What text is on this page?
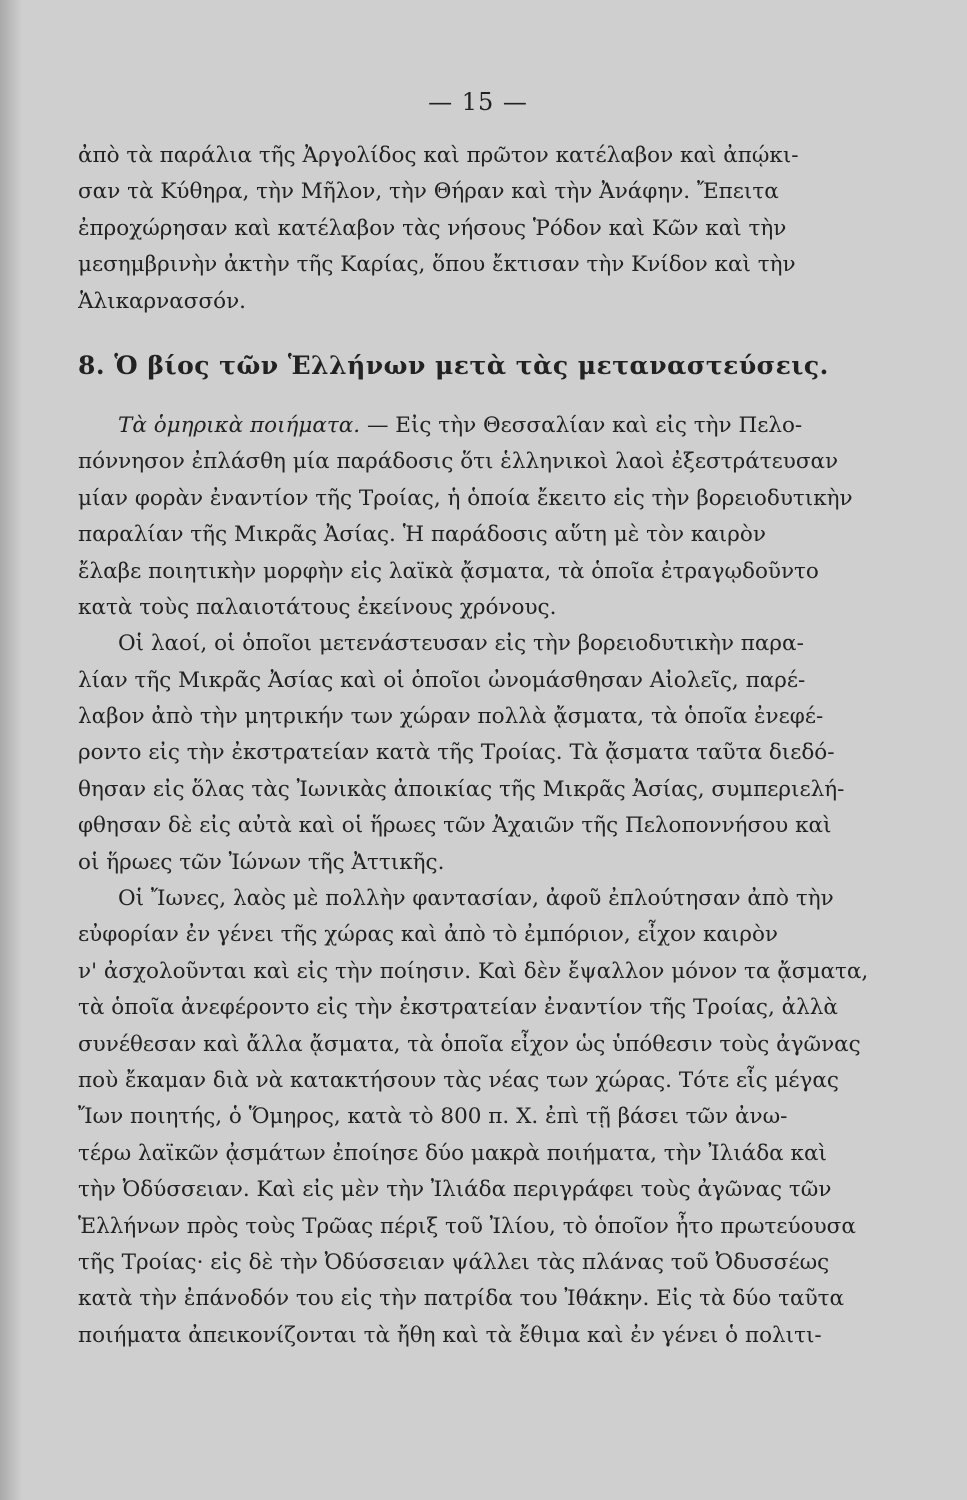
— 15 —
ἀπὸ τὰ παράλια τῆς Ἀργολίδος καὶ πρῶτον κατέλαβον καὶ ἀπῴκι-
σαν τὰ Κύθηρα, τὴν Μῆλον, τὴν Θήραν καὶ τὴν Ἀνάφην. Ἔπειτα
ἐπροχώρησαν καὶ κατέλαβον τὰς νήσους Ῥόδον καὶ Κῶν καὶ τὴν
μεσημβρινὴν ἀκτὴν τῆς Καρίας, ὅπου ἔκτισαν τὴν Κνίδον καὶ τὴν
Ἁλικαρνασσόν.
8. Ὁ βίος τῶν Ἑλλήνων μετὰ τὰς μεταναστεύσεις.
Τὰ ὁμηρικὰ ποιήματα. — Εἰς τὴν Θεσσαλίαν καὶ εἰς τὴν Πελο-
πόννησον ἐπλάσθη μία παράδοσις ὅτι ἑλληνικοὶ λαοὶ ἐξεστράτευσαν
μίαν φορὰν ἐναντίον τῆς Τροίας, ἡ ὁποία ἔκειτο εἰς τὴν βορειοδυτικὴν
παραλίαν τῆς Μικρᾶς Ἀσίας. Ἡ παράδοσις αὕτη μὲ τὸν καιρὸν
ἔλαβε ποιητικὴν μορφὴν εἰς λαϊκὰ ᾄσματα, τὰ ὁποῖα ἐτραγῳδοῦντο
κατὰ τοὺς παλαιοτάτους ἐκείνους χρόνους.
Οἱ λαοί, οἱ ὁποῖοι μετενάστευσαν εἰς τὴν βορειοδυτικὴν παρα-
λίαν τῆς Μικρᾶς Ἀσίας καὶ οἱ ὁποῖοι ὠνομάσθησαν Αἰολεῖς, παρέ-
λαβον ἀπὸ τὴν μητρικήν των χώραν πολλὰ ᾄσματα, τὰ ὁποῖα ἐνεφέ-
ροντο εἰς τὴν ἐκστρατείαν κατὰ τῆς Τροίας. Τὰ ᾄσματα ταῦτα διεδό-
θησαν εἰς ὅλας τὰς Ἰωνικὰς ἀποικίας τῆς Μικρᾶς Ἀσίας, συμπεριελή-
φθησαν δὲ εἰς αὐτὰ καὶ οἱ ἥρωες τῶν Ἀχαιῶν τῆς Πελοποννήσου καὶ
οἱ ἥρωες τῶν Ἰώνων τῆς Ἀττικῆς.
Οἱ Ἴωνες, λαὸς μὲ πολλὴν φαντασίαν, ἀφοῦ ἐπλούτησαν ἀπὸ τὴν
εὐφορίαν ἐν γένει τῆς χώρας καὶ ἀπὸ τὸ ἐμπόριον, εἶχον καιρὸν
ν' ἀσχολοῦνται καὶ εἰς τὴν ποίησιν. Καὶ δὲν ἔψαλλον μόνον τα ᾄσματα,
τὰ ὁποῖα ἀνεφέροντο εἰς τὴν ἐκστρατείαν ἐναντίον τῆς Τροίας, ἀλλὰ
συνέθεσαν καὶ ἄλλα ᾄσματα, τὰ ὁποῖα εἶχον ὡς ὑπόθεσιν τοὺς ἀγῶνας
ποὺ ἔκαμαν διὰ νὰ κατακτήσουν τὰς νέας των χώρας. Τότε εἷς μέγας
Ἴων ποιητής, ὁ Ὅμηρος, κατὰ τὸ 800 π. Χ. ἐπὶ τῇ βάσει τῶν ἀνω-
τέρω λαϊκῶν ᾀσμάτων ἐποίησε δύο μακρὰ ποιήματα, τὴν Ἰλιάδα καὶ
τὴν Ὀδύσσειαν. Καὶ εἰς μὲν τὴν Ἰλιάδα περιγράφει τοὺς ἀγῶνας τῶν
Ἑλλήνων πρὸς τοὺς Τρῶας πέριξ τοῦ Ἰλίου, τὸ ὁποῖον ἦτο πρωτεύουσα
τῆς Τροίας· εἰς δὲ τὴν Ὀδύσσειαν ψάλλει τὰς πλάνας τοῦ Ὀδυσσέως
κατὰ τὴν ἐπάνοδόν του εἰς τὴν πατρίδα του Ἰθάκην. Εἰς τὰ δύο ταῦτα
ποιήματα ἀπεικονίζονται τὰ ἤθη καὶ τὰ ἔθιμα καὶ ἐν γένει ὁ πολιτι-
